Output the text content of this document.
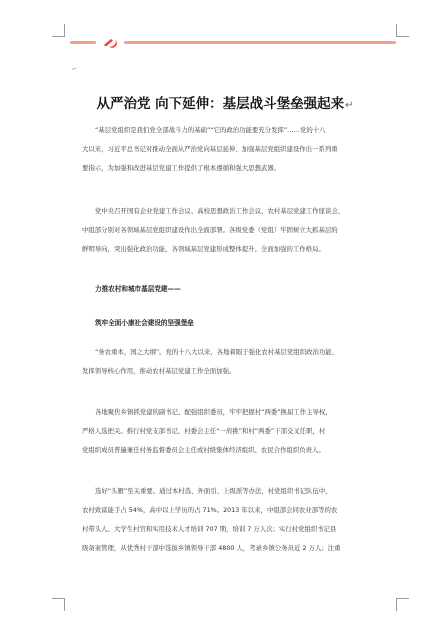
⌐
从严治党 向下延伸：基层战斗堡垒强起来↵
“基层党组织是我们党全部战斗力的基础”“它的政治功能要充分发挥”……党的十八
大以来，习近平总书记对推动全面从严治党向基层延伸、加强基层党组织建设作出一系列重
要指示，为加强和改进基层党建工作提供了根本遵循和强大思想武器。
党中央召开国有企业党建工作会议、高校思想政治工作会议、农村基层党建工作座谈会，
中组部分别对各领域基层党组织建设作出全面部署。各级党委（党组）牢固树立大抓基层的
鲜明导向，突出强化政治功能，各领域基层党建形成整体提升、全面加强的工作格局。
力推农村和城市基层党建——
筑牢全面小康社会建设的坚强堡垒
“务农重本，国之大纲”。党的十八大以来，各地着眼于强化农村基层党组织政治功能、
发挥领导核心作用，推动农村基层党建工作全面加强。
各地聚焦乡镇抓党建的副书记、配强组织委员，牢牢把握村“两委”换届工作主导权，
严格人选把关。推行村党支部书记、村委会主任“一肩挑”和村“两委”干部交叉任职，村
党组织成员普遍兼任村务监督委员会主任或村级集体经济组织、农民合作组织负责人。
选好“头雁”至关重要。通过本村选、外面引、上级派等办法，村党组织书记队伍中，
农村致富能手占 54%，高中以上学历的占 71%。2013 年以来，中组部会同农业部等的农
村带头人、大学生村官和实用技术人才培训 707 期，培训 7 万人次；实行村党组织书记县
级备案管理，从优秀村干部中选拔乡镇领导干部 4800 人，考录乡镇公务员近 2 万人；注重
